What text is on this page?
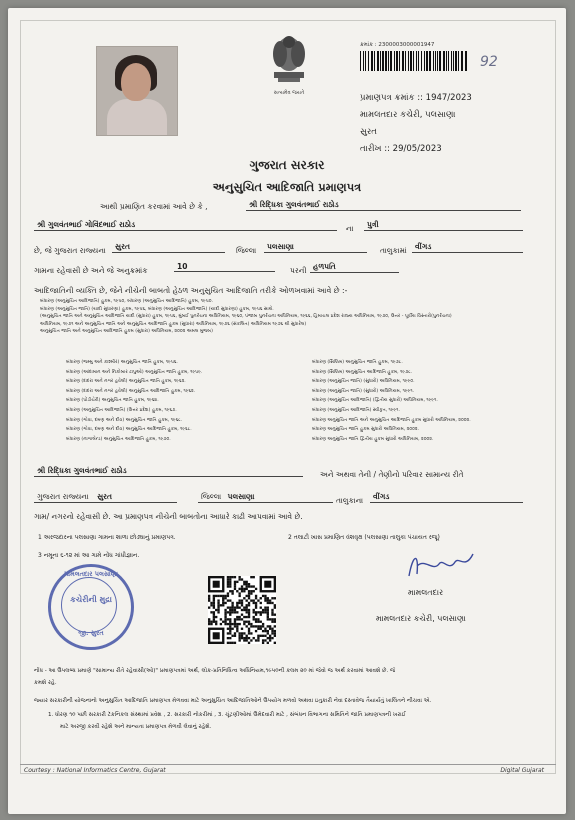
સત્યમેવ જયતે
ક્રમાંક : 2300003000001947
92
પ્રમાણપત્ર ક્રમાંક :: 1947/2023
મામલતદાર કચેરી, પલસાણા
સુરત
તારીખ :: 29/05/2023
ગુજરાત સરકાર
અનુસુચિત આદિજાતિ પ્રમાણપત્ર
આથી પ્રમાણિત કરવામાં આવે છે કે ,	શ્રી રિદ્ધિકા ગુલવંતભાઈ રાઠોડ
શ્રી ગુલવંતભાઈ ગોવિંદભાઈ રાઠોડ	ના	પુત્રી
છે, જે ગુજરાત રાજ્યના	સુરત	જિલ્લા	પલસાણા	તાલુકામાં	વીંગડ
ગામના રહેવાસી છે અને જે અનુક્રમાંક	10	પરની હળપતિ
આદિજાતિની વ્યક્તિ છે, જેને નીચેની બાબતો હેઠળ અનુસુચિત આદિજાતિ તરીકે ઓળખવામાં આવે છે :-
બંધારણ (અનુસુચિત આદિજાતિ) હુકમ, ૧૯૫૦, બંધારણ (અનુસુચિત આદિજાતિ) હુકમ, ૧૯૫૦.
બંધારણ (અનુસુચિત જાતિ) (યાદી સુધારણા) હુકમ, ૧૯૫૬, બંધારણ (અનુસુચિત આદિજાતિ) (યાદી સુધારણા) હુકમ, ૧૯૫૬ સાથે.
(અનુસુચિત જાતિ અને અનુસુચિત આદિજાતિ યાદી (સુધારા) હુકમ, ૧૯૫૬, મુંબઈ પુનર્રચના અધિનિયમ, ૧૯૬૦, પંજાબ પુનર્રચના અધિનિયમ, ૧૯૬૬, હિમાચલ પ્રદેશ રાજ્ય અધિનિયમ, ૧૯૭૦, ઉત્તર - પૂર્વીય વિસ્તારો(પુનર્રચના)
અધિનિયમ, ૧૯૭૧ અને અનુસુચિત જાતિ અને અનુસુચિત આદિજાતિ હુકમ (સુધારા) અધિનિયમ, ૧૯૭૬ (સંકલિત) અધિનિયમ ૧૯૭૬ થી સુધારેલ)
અનુસુચિત જાતિ અને અનુસુચિત આદિજાતિ હુકમ (સુધારા) અધિનિયમ, ૨૦૦૨ અમલ મુજબ)
બંધારણ (જમ્મુ અને કાશ્મીર) અનુસુચિત જાતિ હુકમ, ૧૯૫૬.
બંધારણ (આંદામાન અને નિકોબાર ટાપુઓ) અનુસુચિત જાતિ હુકમ, ૧૯૫૯.
બંધારણ (દાદરા અને નગર હવેલી) અનુસુચિત જાતિ હુકમ, ૧૯૬૨.
બંધારણ (દાદરા અને નગર હવેલી) અનુસુચિત આદિજાતિ હુકમ, ૧૯૬૨.
બંધારણ (પોંડીચેરી) અનુસુચિત જાતિ હુકમ, ૧૯૬૪.
બંધારણ (અનુસુચિત આદિજાતિ) (ઉત્તર પ્રદેશ) હુકમ, ૧૯૬૭.
બંધારણ (ગોવા, દમણ અને દીવ) અનુસુચિત જાતિ હુકમ, ૧૯૬૮.
બંધારણ (ગોવા, દમણ અને દીવ) અનુસુચિત આદિજાતિ હુકમ, ૧૯૬૮.
બંધારણ (નાગાલેન્ડ) અનુસુચિત આદિજાતિ હુકમ, ૧૯૭૦.
બંધારણ (સિક્કિમ) અનુસુચિત જાતિ હુકમ, ૧૯૭૮.
બંધારણ (સિક્કિમ) અનુસુચિત આદિજાતિ હુકમ, ૧૯૭૮.
બંધારણ (અનુસુચિત જાતિ) (સુધારો) અધિનિયમ, ૧૯૯૦.
બંધારણ (અનુસુચિત જાતિ) (સુધારો) અધિનિયમ, ૧૯૯૧.
બંધારણ (અનુસુચિત આદિજાતિ) (દ્વિતીય સુધારો) અધિનિયમ, ૧૯૯૧.
બંધારણ (અનુસુચિત આદિજાતિ) સ્વીકૃત, ૧૯૯૧.
બંધારણ અનુસુચિત જાતિ અને અનુસુચિત આદિજાતિ હુકમ સુધારો અધિનિયમ, ૨૦૦૨.
બંધારણ અનુસુચિત જાતિ હુકમ સુધારો અધિનિયમ, ૨૦૦૨.
બંધારણ અનુસુચિત જાતિ દ્વિતીય હુકમ સુધારો અધિનિયમ, ૨૦૦૨.
શ્રી રિદ્ધિકા ગુલવંતભાઈ રાઠોડ	અને અથવા તેની / તેણીનો પરિવાર સામાન્ય રીતે
ગુજરાત રાજ્યના સુરત	જિલ્લા પલસાણા	તાલુકાના	વીંગડ
ગામ/ નગરનો રહેવાસી છે. આ પ્રમાણપત્ર નીચેની બાબતોના આધારે કાઢી આપવામાં આવે છે.
1 અરજદારના પલસાણા ગામના શાળા છોડ્યાનું પ્રમાણપત્ર.	2 તલાટી ખાસ પ્રમાણિત વંશવૃક્ષ (પલસાણા તાલુકા પંચાયત રજૂ)
3 નમૂના ૬-૧૨ માં આ ગામે નોંધ ગાંધીજ્ઞાન.
મામલતદાર પલસાણા
કચેરીની મુદ્રા
જી. સુરત
મામલતદાર
મામલતદાર કચેરી, પલસાણા
નોંધ - આ ઉપલબ્ધ પ્રમાણે "સામાન્ય રીતે રહેવાસી(ઓ)" પ્રમાણપત્રમાં અર્થ, લોક-પ્રતિનિધિત્વ અધિનિયમ,૧૯૫૦ની કલમ ૨૦ માં જેવો જ અર્થ કરવામાં આવશે છે. જે
કમશે રહે.
જ્યાર સરકારીની યોજનાનો અનુસુચિત આદિજાતિ પ્રમાણપત્ર મેળવવા માટે અનુસુચિત આદિજાતિઓને ઉપયોગ મળવો અથવા ઇતુકારી નેવા દસ્તાવેજ તૈયાર્યતું ખાલિતને નીચવા એ.
1. ધોરણ ૧૦ પછી સરકારી ટૅકનિકલ સંસ્થામાં પ્રવેશ , 2. સરકારી નોકરીમાં , 3. ચૂંટણીઓમાં ઉમેદવારી માટે , સંબંધન વિભાગના સમિતિને જાતિ પ્રમાણપત્રની ખરાઈ
માટે અરજી કરવી રહેશે અને માન્યતા પ્રમાણપત્ર મેળવી લેવાનું રહેશે.
Courtesy : National Informatics Centre, Gujarat	Digital Gujarat
